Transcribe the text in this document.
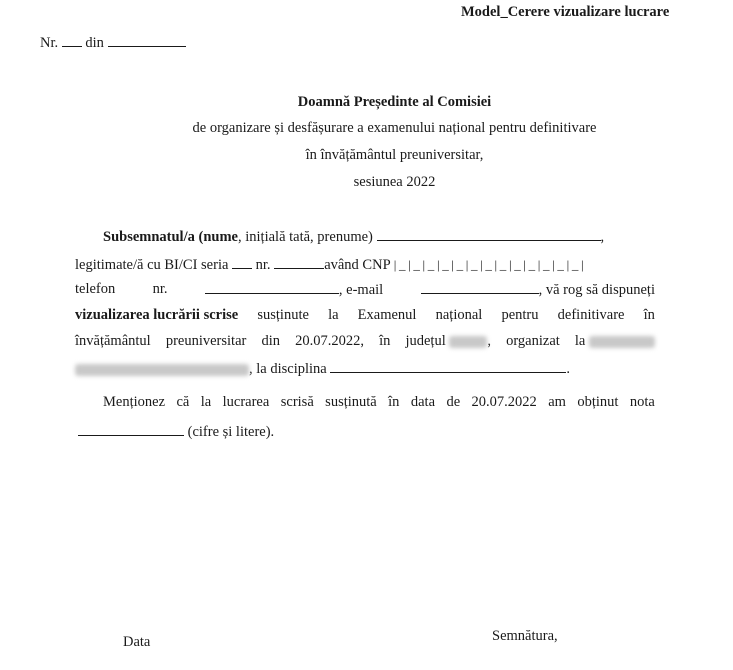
Model_Cerere vizualizare lucrare
Nr. din
Doamnă Președinte al Comisiei
de organizare și desfășurare a examenului național pentru definitivare
în învățământul preuniversitar,
sesiunea 2022
Subsemnatul/a (nume, inițială tată, prenume)	,
legitimate/ă cu BI/CI seria nr.	având CNP | _ | _ | _ | _ | _ | _ | _ | _ | _ | _ | _ | _ | _ |
telefon	nr.	, e-mail	, vă rog să dispuneți
vizualizarea lucrării scrise susținute la Examenul național pentru definitivare în
învățământul preuniversitar din 20.07.2022, în județul	, organizat la
, la disciplina	.
Menționez că la lucrarea scrisă susținută în data de 20.07.2022 am obținut nota
(cifre și litere).
Data	Semnătura,
